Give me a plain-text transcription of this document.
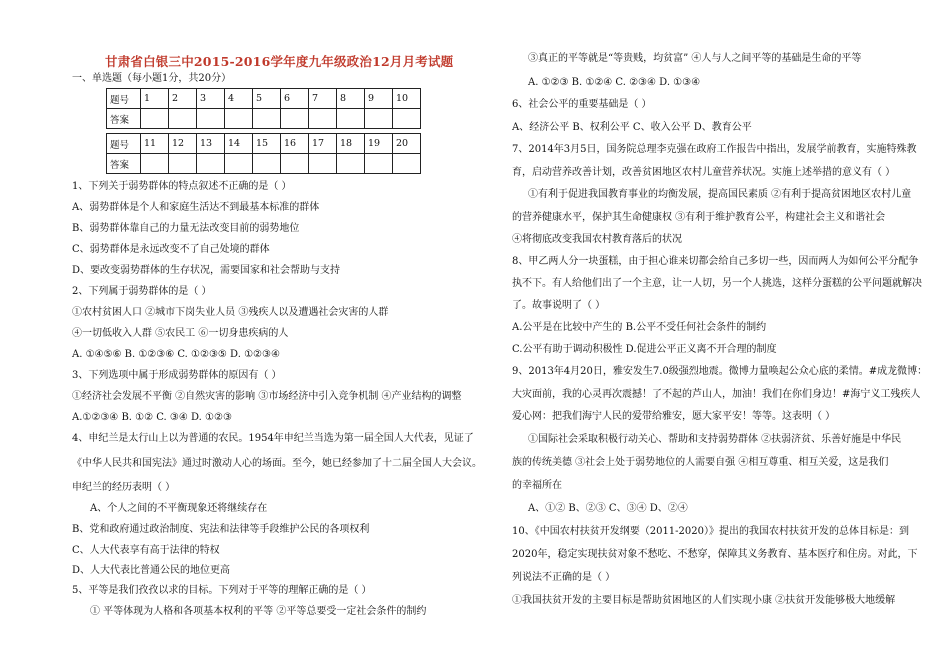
甘肃省白银三中2015-2016学年度九年级政治12月月考试题
一、单选题（每小题1分，共20分）
题号	1	2	3	4	5	6	7	8	9	10
答案										

题号	11	12	13	14	15	16	17	18	19	20
答案										
1、下列关于弱势群体的特点叙述不正确的是（ ）
A、弱势群体是个人和家庭生活达不到最基本标准的群体
B、弱势群体靠自己的力量无法改变目前的弱势地位
C、弱势群体是永远改变不了自己处境的群体
D、要改变弱势群体的生存状况，需要国家和社会帮助与支持
2、下列属于弱势群体的是（ ）
①农村贫困人口 ②城市下岗失业人员 ③残疾人以及遭遇社会灾害的人群
④一切低收入人群 ⑤农民工 ⑥一切身患疾病的人
A. ①④⑤⑥ B. ①②③⑥ C. ①②③⑤ D. ①②③④
3、下列选项中属于形成弱势群体的原因有（ ）
①经济社会发展不平衡 ②自然灾害的影响 ③市场经济中引入竞争机制 ④产业结构的调整
A.①②③④ B. ①② C. ③④ D. ①②③
4、申纪兰是太行山上以为普通的农民。1954年申纪兰当选为第一届全国人大代表，见证了
《中华人民共和国宪法》通过时激动人心的场面。至今，她已经参加了十二届全国人大会议。
申纪兰的经历表明（ ）
A、个人之间的不平衡现象还将继续存在
B、党和政府通过政治制度、宪法和法律等手段维护公民的各项权利
C、人大代表享有高于法律的特权
D、人大代表比普通公民的地位更高
5、平等是我们孜孜以求的目标。下列对于平等的理解正确的是（ ）
① 平等体现为人格和各项基本权利的平等 ②平等总要受一定社会条件的制约
③真正的平等就是“等贵贱，均贫富” ④人与人之间平等的基础是生命的平等
A. ①②③ B. ①②④ C. ②③④ D. ①③④
6、社会公平的重要基础是（ ）
A、经济公平 B、权利公平 C、收入公平 D、教育公平
7、2014年3月5日，国务院总理李克强在政府工作报告中指出，发展学前教育，实施特殊教
育，启动营养改善计划，改善贫困地区农村儿童营养状况。实施上述举措的意义有（ ）
①有利于促进我国教育事业的均衡发展，提高国民素质 ②有利于提高贫困地区农村儿童
的营养健康水平，保护其生命健康权 ③有利于维护教育公平，构建社会主义和谐社会
④将彻底改变我国农村教育落后的状况
8、甲乙两人分一块蛋糕，由于担心谁来切都会给自己多切一些，因而两人为如何公平分配争
执不下。有人给他们出了一个主意，让一人切，另一个人挑选，这样分蛋糕的公平问题就解决
了。故事说明了（ ）
A.公平是在比较中产生的 B.公平不受任何社会条件的制约
C.公平有助于调动积极性 D.促进公平正义离不开合理的制度
9、2013年4月20日，雅安发生7.0级强烈地震。微博力量唤起公众心底的柔情。#成龙微博：
大灾面前，我的心灵再次震撼！了不起的芦山人，加油！我们在你们身边！#海宁义工残疾人
爱心网：把我们海宁人民的爱带给雅安，愿大家平安！等等。这表明（ ）
①国际社会采取积极行动关心、帮助和支持弱势群体 ②扶弱济贫、乐善好施是中华民
族的传统美德 ③社会上处于弱势地位的人需要自强 ④相互尊重、相互关爱，这是我们
的幸福所在
A、①② B、②③ C、③④ D、②④
10、《中国农村扶贫开发纲要（2011-2020）》提出的我国农村扶贫开发的总体目标是：到
2020年，稳定实现扶贫对象不愁吃、不愁穿，保障其义务教育、基本医疗和住房。对此，下
列说法不正确的是（ ）
①我国扶贫开发的主要目标是帮助贫困地区的人们实现小康 ②扶贫开发能够极大地缓解
